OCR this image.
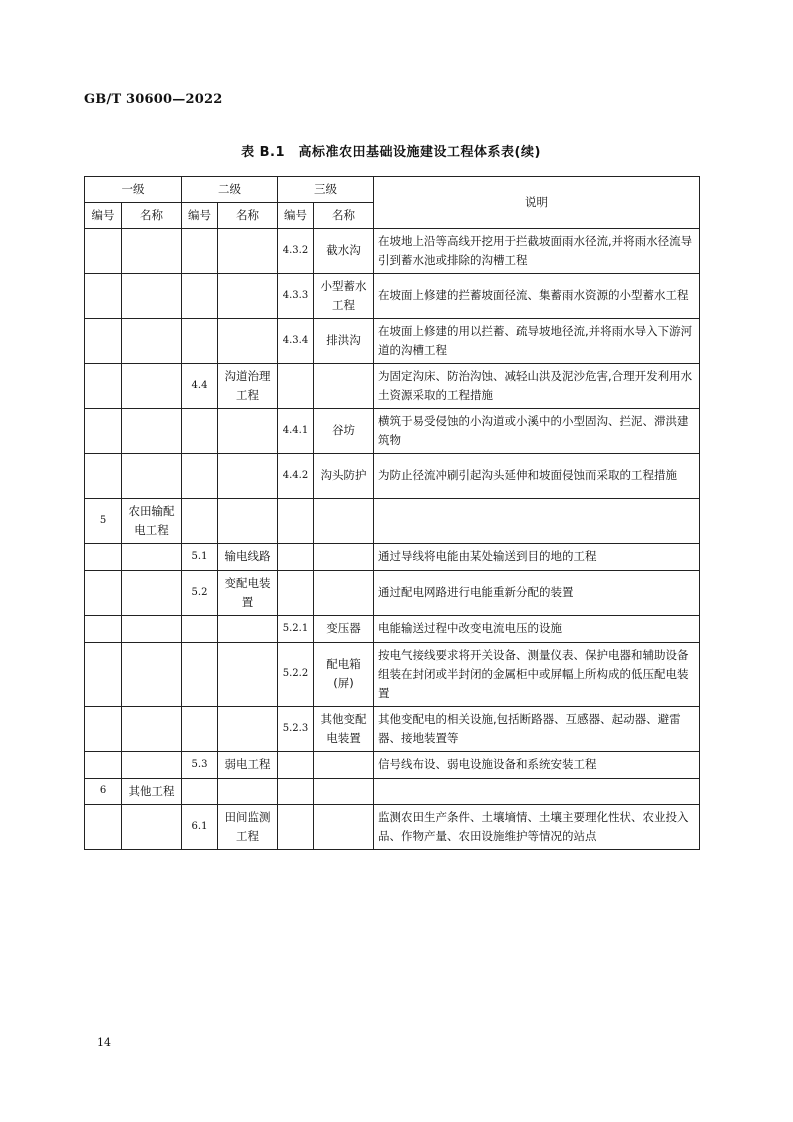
GB/T 30600—2022
表 B.1　高标准农田基础设施建设工程体系表(续)
一级		二级		三级		说明
编号	名称	编号	名称	编号	名称	
				4.3.2	截水沟	在坡地上沿等高线开挖用于拦截坡面雨水径流,并将雨水径流导引到蓄水池或排除的沟槽工程
				4.3.3	小型蓄水工程	在坡面上修建的拦蓄坡面径流、集蓄雨水资源的小型蓄水工程
				4.3.4	排洪沟	在坡面上修建的用以拦蓄、疏导坡地径流,并将雨水导入下游河道的沟槽工程
		4.4	沟道治理工程			为固定沟床、防治沟蚀、减轻山洪及泥沙危害,合理开发利用水土资源采取的工程措施
				4.4.1	谷坊	横筑于易受侵蚀的小沟道或小溪中的小型固沟、拦泥、滞洪建筑物
				4.4.2	沟头防护	为防止径流冲刷引起沟头延伸和坡面侵蚀而采取的工程措施
5	农田输配电工程					
		5.1	输电线路			通过导线将电能由某处输送到目的地的工程
		5.2	变配电装置			通过配电网路进行电能重新分配的装置
				5.2.1	变压器	电能输送过程中改变电流电压的设施
				5.2.2	配电箱(屏)	按电气接线要求将开关设备、测量仪表、保护电器和辅助设备组装在封闭或半封闭的金属柜中或屏幅上所构成的低压配电装置
				5.2.3	其他变配电装置	其他变配电的相关设施,包括断路器、互感器、起动器、避雷器、接地装置等
		5.3	弱电工程			信号线布设、弱电设施设备和系统安装工程
6	其他工程					
		6.1	田间监测工程			监测农田生产条件、土壤墒情、土壤主要理化性状、农业投入品、作物产量、农田设施维护等情况的站点
14
